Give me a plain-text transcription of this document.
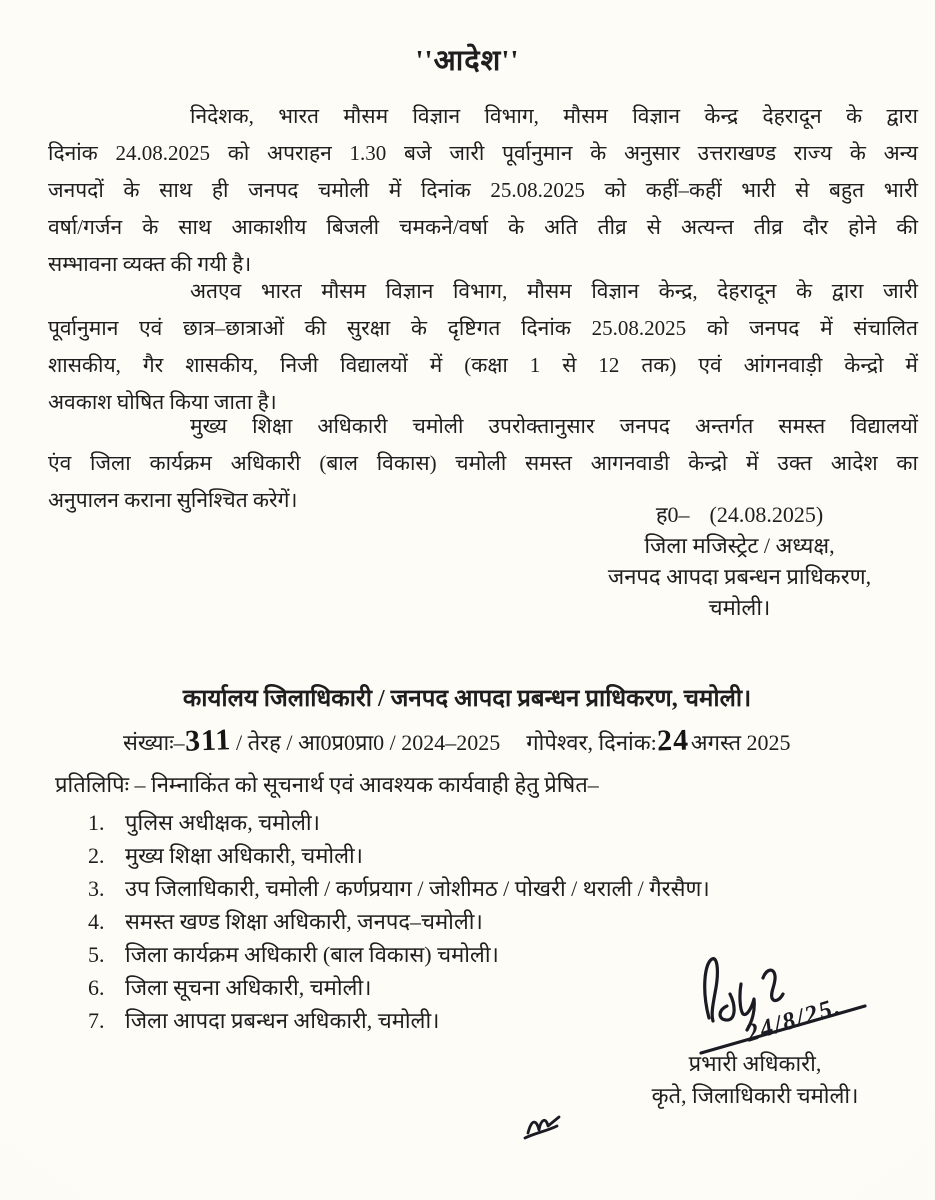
''आदेश''
निदेशक, भारत मौसम विज्ञान विभाग, मौसम विज्ञान केन्द्र देहरादून के द्वारा
दिनांक 24.08.2025 को अपराहन 1.30 बजे जारी पूर्वानुमान के अनुसार उत्तराखण्ड राज्य के अन्य
जनपदों के साथ ही जनपद चमोली में दिनांक 25.08.2025 को कहीं–कहीं भारी से बहुत भारी
वर्षा/गर्जन के साथ आकाशीय बिजली चमकने/वर्षा के अति तीव्र से अत्यन्त तीव्र दौर होने की
सम्भावना व्यक्त की गयी है।
अतएव भारत मौसम विज्ञान विभाग, मौसम विज्ञान केन्द्र, देहरादून के द्वारा जारी
पूर्वानुमान एवं छात्र–छात्राओं की सुरक्षा के दृष्टिगत दिनांक 25.08.2025 को जनपद में संचालित
शासकीय, गैर शासकीय, निजी विद्यालयों में (कक्षा 1 से 12 तक) एवं आंगनवाड़ी केन्द्रो में
अवकाश घोषित किया जाता है।
मुख्य शिक्षा अधिकारी चमोली उपरोक्तानुसार जनपद अन्तर्गत समस्त विद्यालयों
एंव जिला कार्यक्रम अधिकारी (बाल विकास) चमोली समस्त आगनवाडी केन्द्रो में उक्त आदेश का
अनुपालन कराना सुनिश्चित करेगें।
ह0– (24.08.2025)
जिला मजिस्ट्रेट / अध्यक्ष,
जनपद आपदा प्रबन्धन प्राधिकरण,
चमोली।
कार्यालय जिलाधिकारी / जनपद आपदा प्रबन्धन प्राधिकरण, चमोली।
संख्याः– 311 / तेरह / आ0प्र0प्रा0 / 2024–2025 गोपेश्वर, दिनांक: 24 अगस्त 2025
प्रतिलिपिः – निम्नाकिंत को सूचनार्थ एवं आवश्यक कार्यवाही हेतु प्रेषित–
1. पुलिस अधीक्षक, चमोली।
2. मुख्य शिक्षा अधिकारी, चमोली।
3. उप जिलाधिकारी, चमोली / कर्णप्रयाग / जोशीमठ / पोखरी / थराली / गैरसैण।
4. समस्त खण्ड शिक्षा अधिकारी, जनपद–चमोली।
5. जिला कार्यक्रम अधिकारी (बाल विकास) चमोली।
6. जिला सूचना अधिकारी, चमोली।
7. जिला आपदा प्रबन्धन अधिकारी, चमोली।	24/8/25.
प्रभारी अधिकारी,
कृते, जिलाधिकारी चमोली।
